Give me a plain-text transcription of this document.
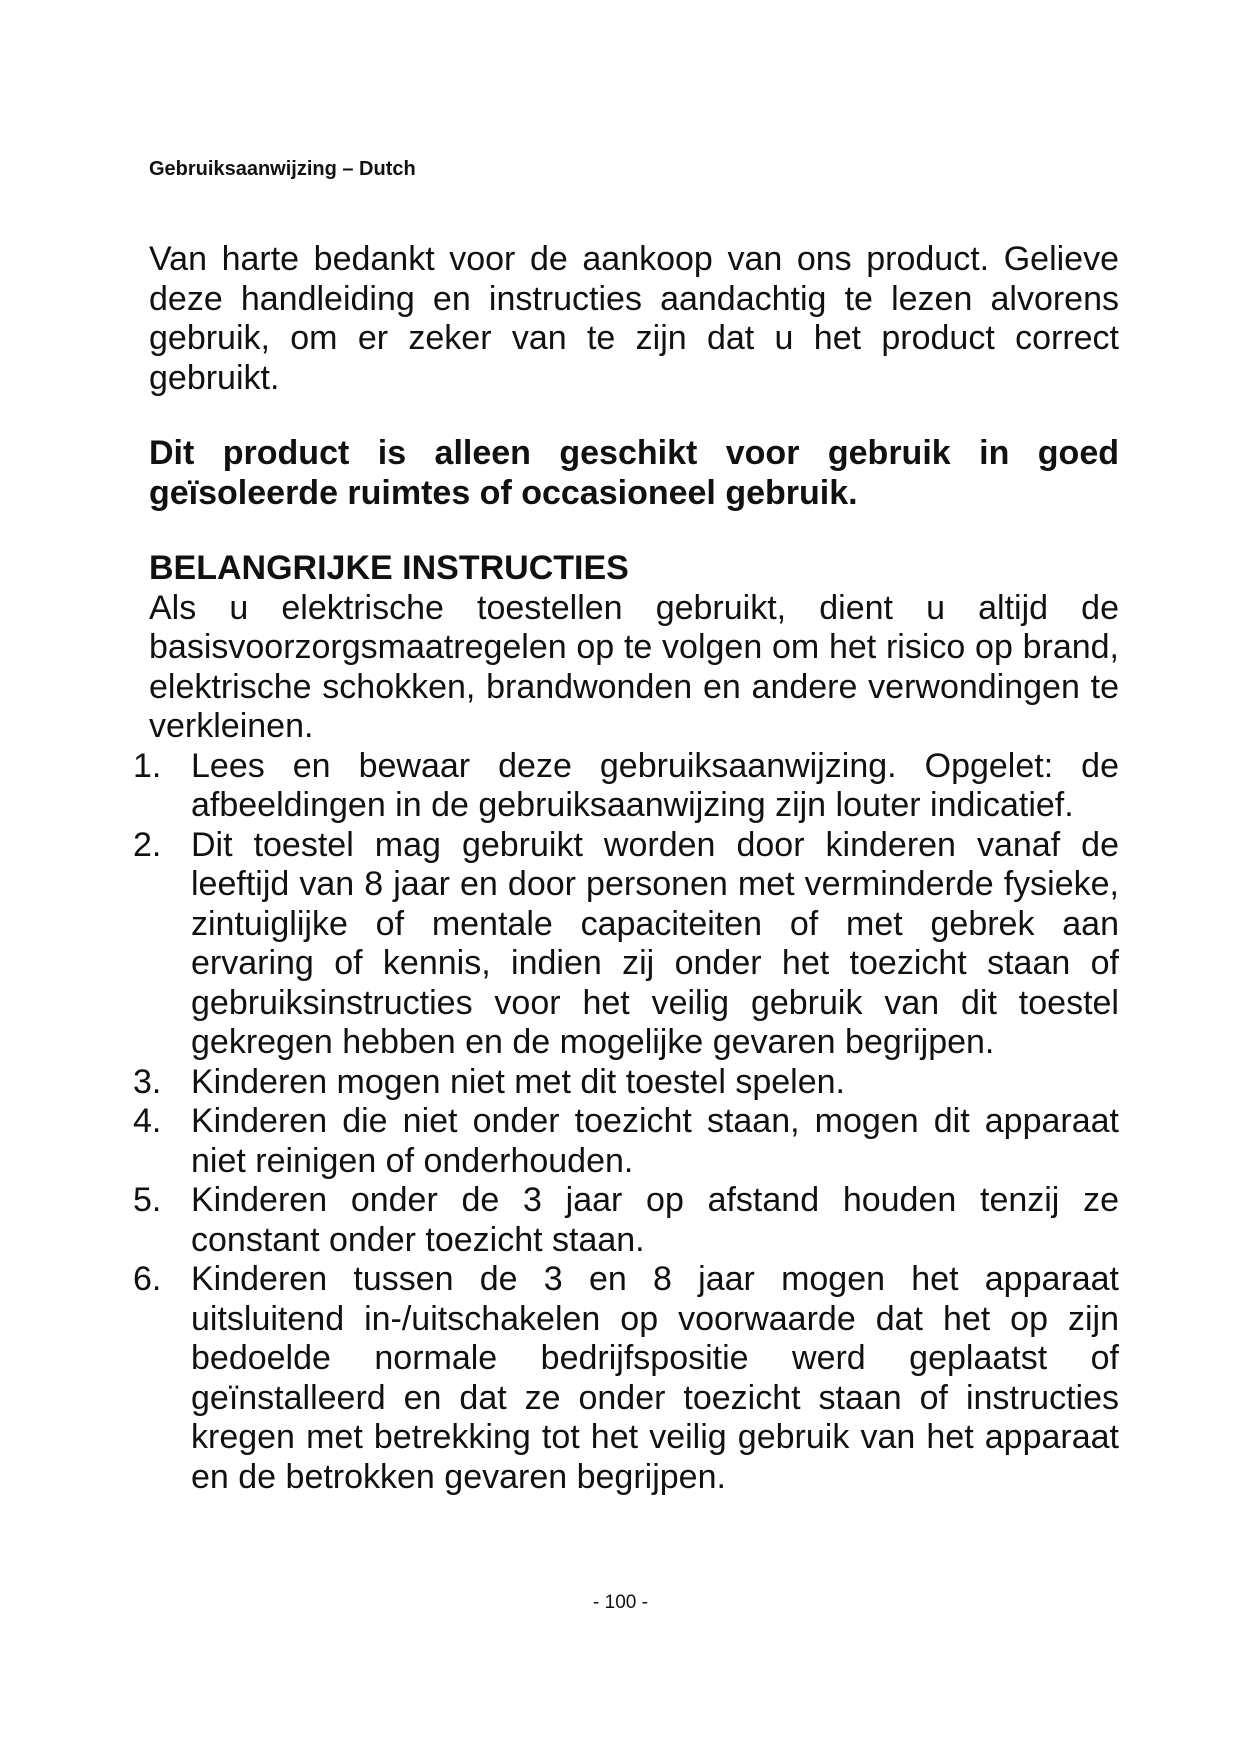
Gebruiksaanwijzing – Dutch

Van harte bedankt voor de aankoop van ons product. Gelieve deze handleiding en instructies aandachtig te lezen alvorens gebruik, om er zeker van te zijn dat u het product correct gebruikt.

Dit product is alleen geschikt voor gebruik in goed geïsoleerde ruimtes of occasioneel gebruik.

BELANGRIJKE INSTRUCTIES

Als u elektrische toestellen gebruikt, dient u altijd de basisvoorzorgsmaatregelen op te volgen om het risico op brand, elektrische schokken, brandwonden en andere verwondingen te verkleinen.

1. Lees en bewaar deze gebruiksaanwijzing. Opgelet: de afbeeldingen in de gebruiksaanwijzing zijn louter indicatief.
2. Dit toestel mag gebruikt worden door kinderen vanaf de leeftijd van 8 jaar en door personen met verminderde fysieke, zintuiglijke of mentale capaciteiten of met gebrek aan ervaring of kennis, indien zij onder het toezicht staan of gebruiksinstructies voor het veilig gebruik van dit toestel gekregen hebben en de mogelijke gevaren begrijpen.
3. Kinderen mogen niet met dit toestel spelen.
4. Kinderen die niet onder toezicht staan, mogen dit apparaat niet reinigen of onderhouden.
5. Kinderen onder de 3 jaar op afstand houden tenzij ze constant onder toezicht staan.
6. Kinderen tussen de 3 en 8 jaar mogen het apparaat uitsluitend in-/uitschakelen op voorwaarde dat het op zijn bedoelde normale bedrijfspositie werd geplaatst of geïnstalleerd en dat ze onder toezicht staan of instructies kregen met betrekking tot het veilig gebruik van het apparaat en de betrokken gevaren begrijpen.
- 100 -
